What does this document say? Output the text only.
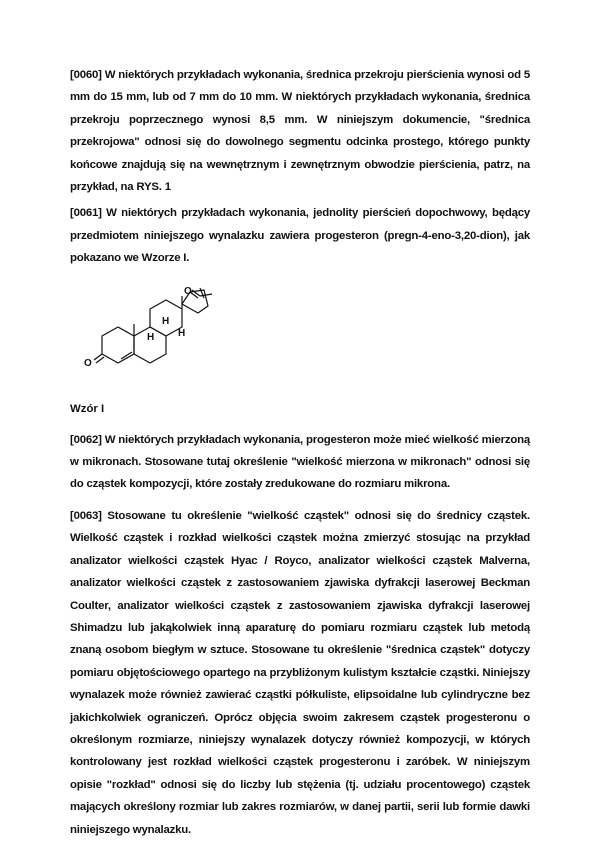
[0060] W niektórych przykładach wykonania, średnica przekroju pierścienia wynosi od 5 mm do 15 mm, lub od 7 mm do 10 mm. W niektórych przykładach wykonania, średnica przekroju poprzecznego wynosi 8,5 mm. W niniejszym dokumencie, "średnica przekrojowa" odnosi się do dowolnego segmentu odcinka prostego, którego punkty końcowe znajdują się na wewnętrznym i zewnętrznym obwodzie pierścienia, patrz, na przykład, na RYS. 1

[0061] W niektórych przykładach wykonania, jednolity pierścień dopochwowy, będący przedmiotem niniejszego wynalazku zawiera progesteron (pregn-4-eno-3,20-dion), jak pokazano we Wzorze I.

H
H
H
O
O

Wzór I

[0062] W niektórych przykładach wykonania, progesteron może mieć wielkość mierzoną w mikronach. Stosowane tutaj określenie "wielkość mierzona w mikronach" odnosi się do cząstek kompozycji, które zostały zredukowane do rozmiaru mikrona.

[0063] Stosowane tu określenie "wielkość cząstek" odnosi się do średnicy cząstek. Wielkość cząstek i rozkład wielkości cząstek można zmierzyć stosując na przykład analizator wielkości cząstek Hyac / Royco, analizator wielkości cząstek Malverna, analizator wielkości cząstek z zastosowaniem zjawiska dyfrakcji laserowej Beckman Coulter, analizator wielkości cząstek z zastosowaniem zjawiska dyfrakcji laserowej Shimadzu lub jakąkolwiek inną aparaturę do pomiaru rozmiaru cząstek lub metodą znaną osobom biegłym w sztuce. Stosowane tu określenie "średnica cząstek" dotyczy pomiaru objętościowego opartego na przybliżonym kulistym kształcie cząstki. Niniejszy wynalazek może również zawierać cząstki półkuliste, elipsoidalne lub cylindryczne bez jakichkolwiek ograniczeń. Oprócz objęcia swoim zakresem cząstek progesteronu o określonym rozmiarze, niniejszy wynalazek dotyczy również kompozycji, w których kontrolowany jest rozkład wielkości cząstek progesteronu i zaróbek. W niniejszym opisie "rozkład" odnosi się do liczby lub stężenia (tj. udziału procentowego) cząstek mających określony rozmiar lub zakres rozmiarów, w danej partii, serii lub formie dawki niniejszego wynalazku.
